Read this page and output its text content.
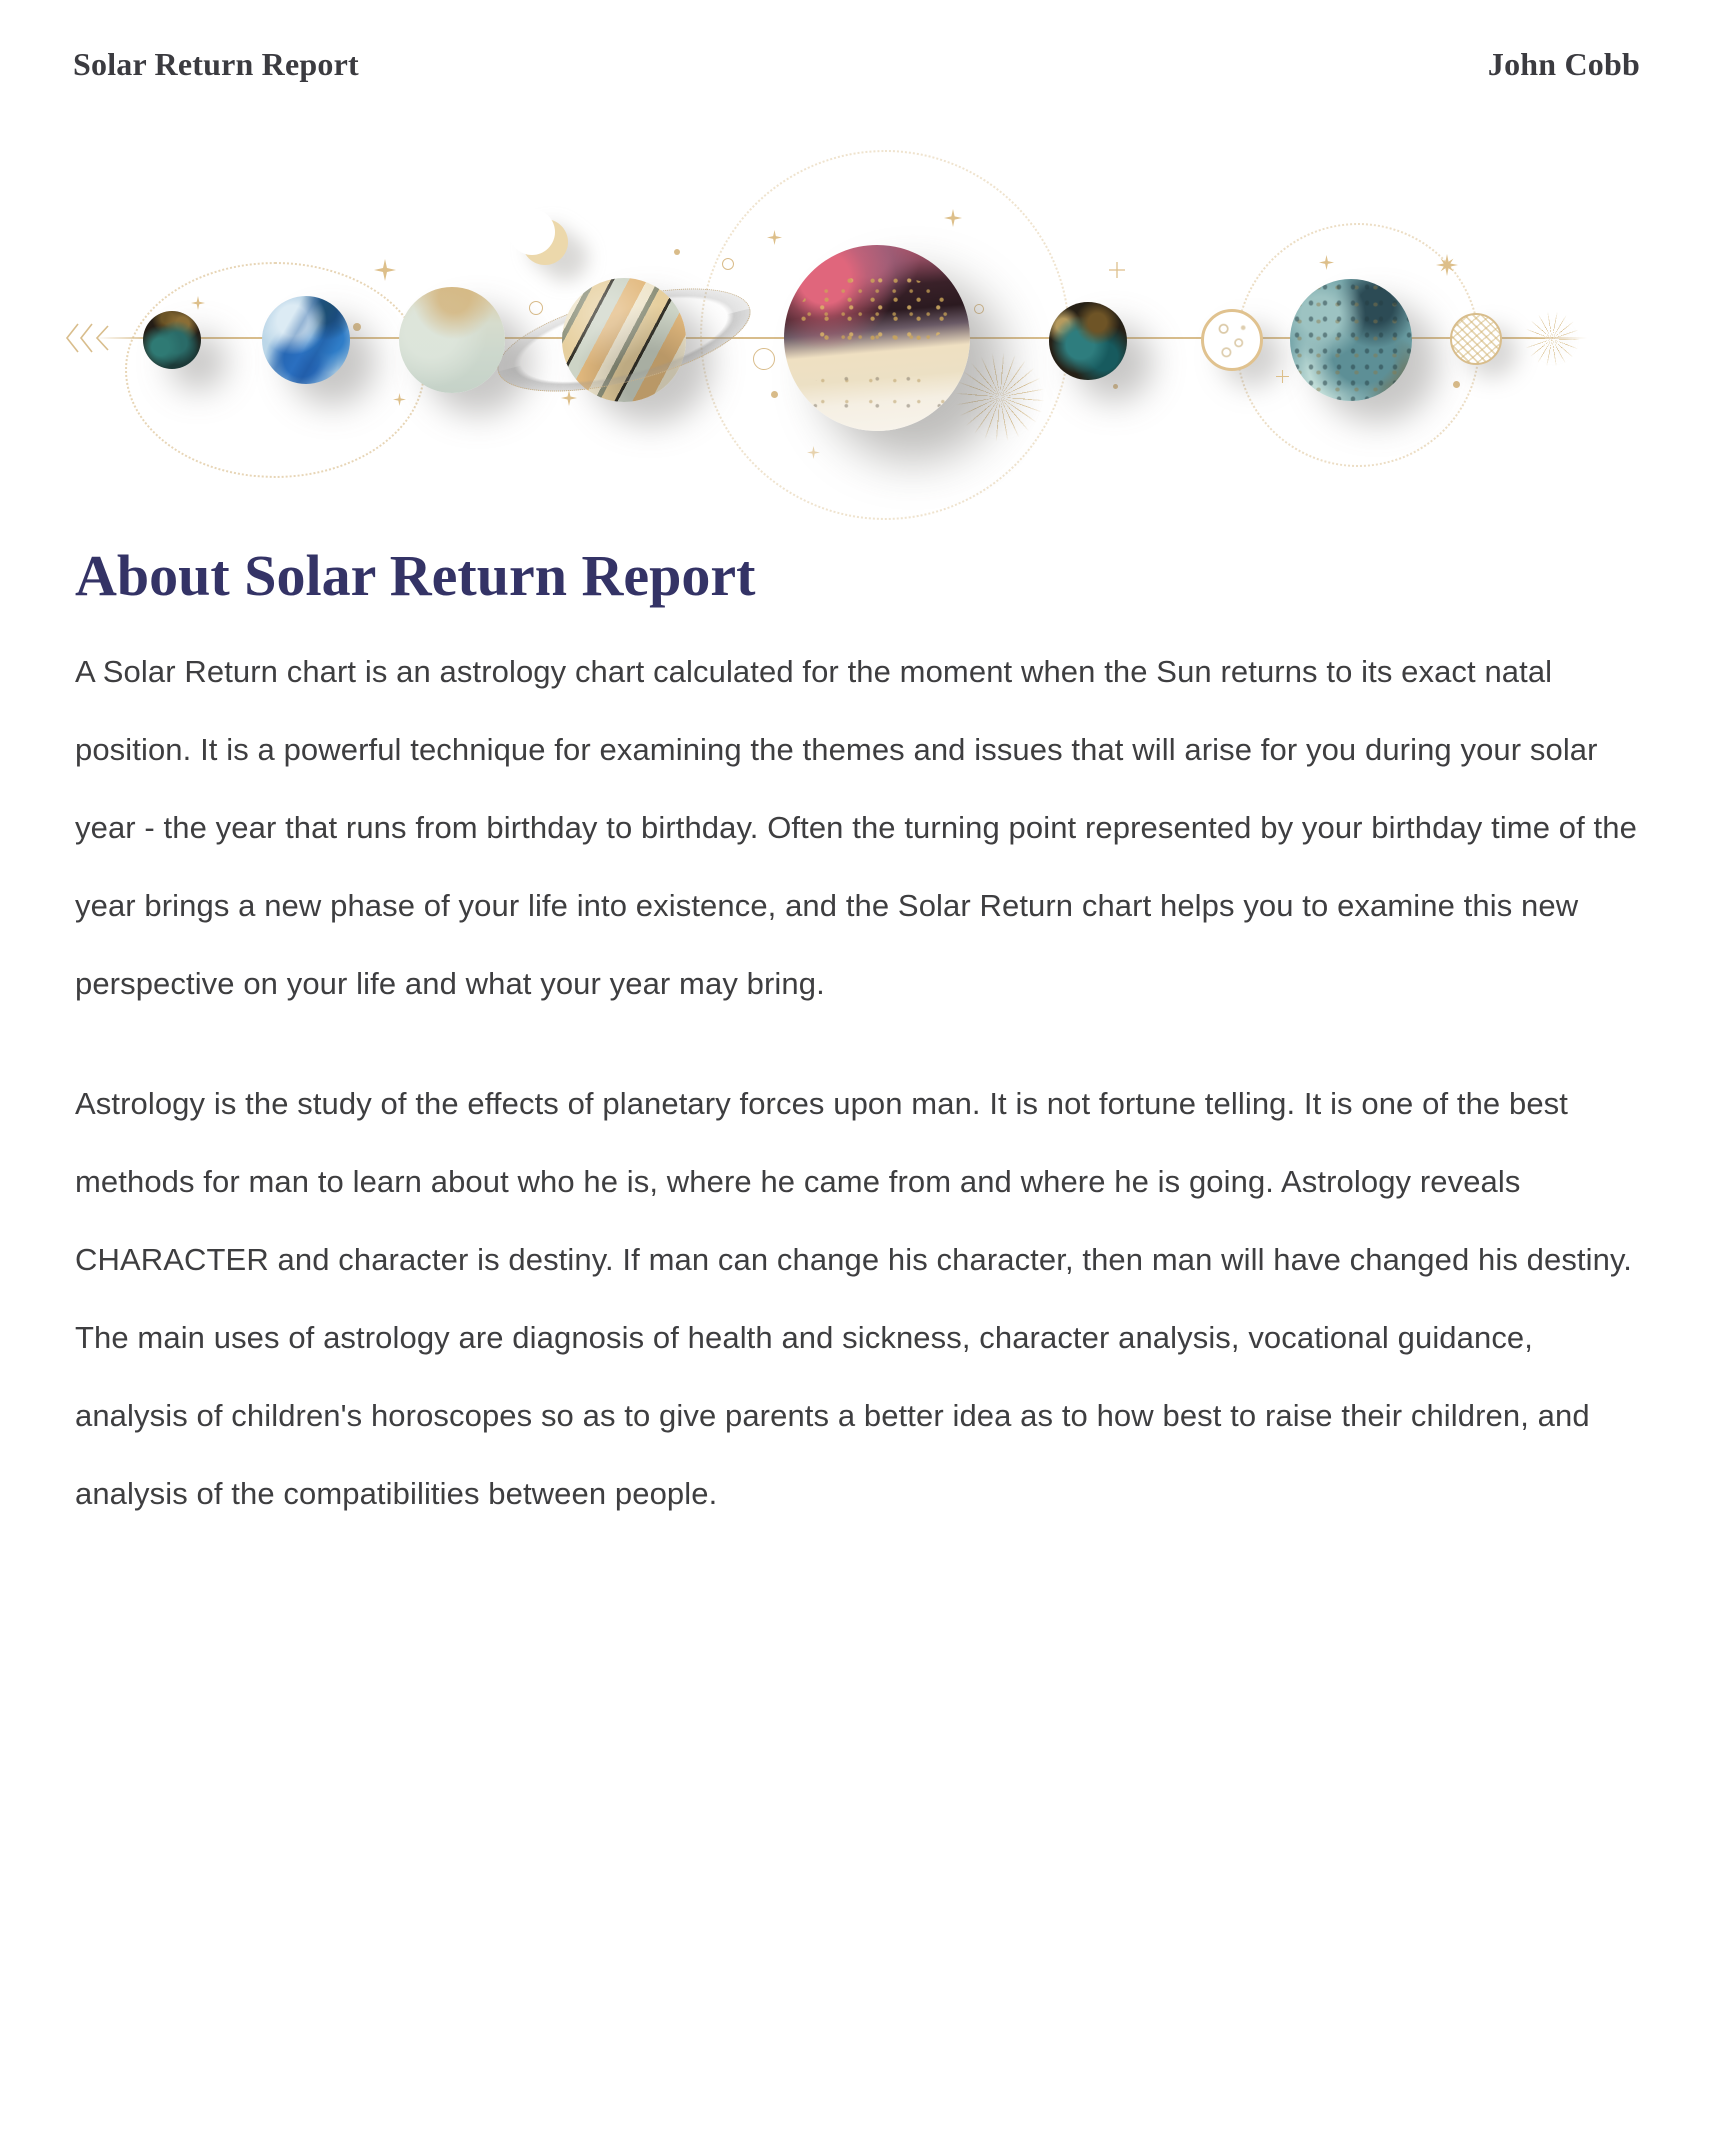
Solar Return Report	John Cobb
About Solar Return Report

A Solar Return chart is an astrology chart calculated for the moment when the Sun returns to its exact natal position. It is a powerful technique for examining the themes and issues that will arise for you during your solar year - the year that runs from birthday to birthday. Often the turning point represented by your birthday time of the year brings a new phase of your life into existence, and the Solar Return chart helps you to examine this new perspective on your life and what your year may bring.

Astrology is the study of the effects of planetary forces upon man. It is not fortune telling. It is one of the best methods for man to learn about who he is, where he came from and where he is going. Astrology reveals CHARACTER and character is destiny. If man can change his character, then man will have changed his destiny. The main uses of astrology are diagnosis of health and sickness, character analysis, vocational guidance, analysis of children's horoscopes so as to give parents a better idea as to how best to raise their children, and analysis of the compatibilities between people.
